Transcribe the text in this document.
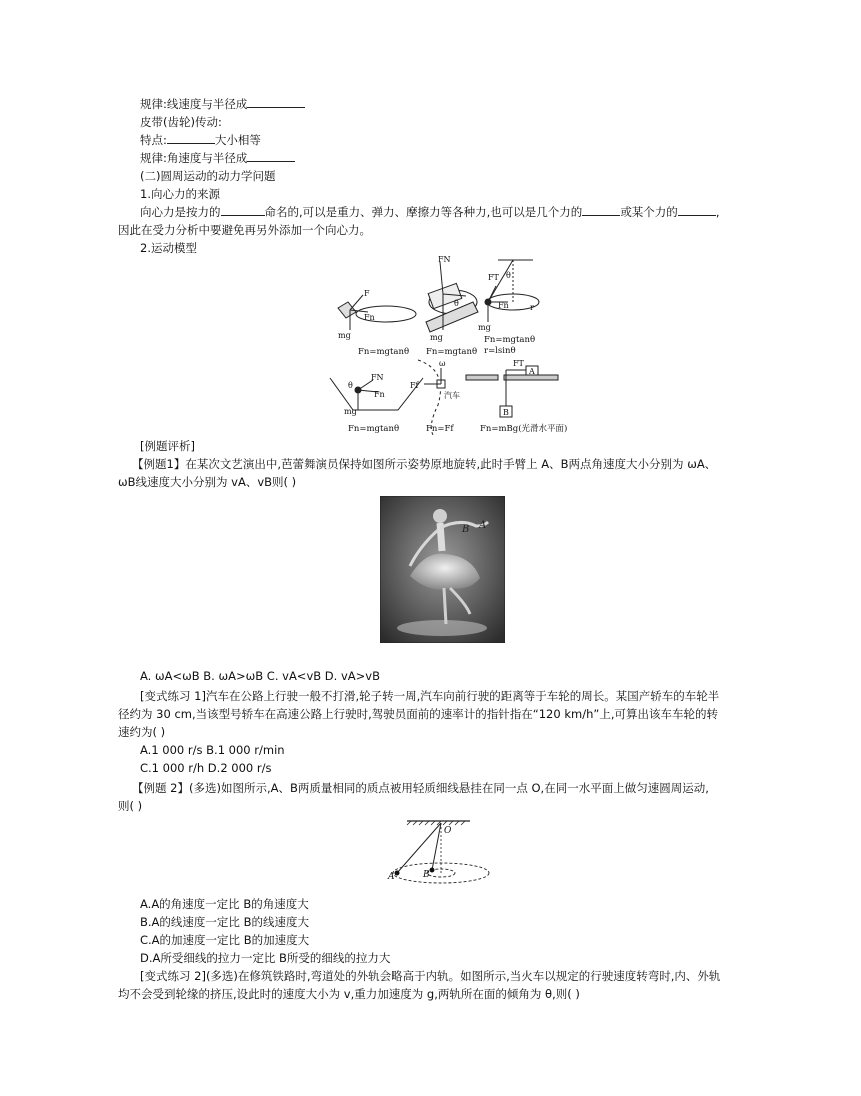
规律:线速度与半径成
皮带(齿轮)传动:
特点:	大小相等
规律:角速度与半径成
(二)圆周运动的动力学问题
1.向心力的来源
向心力是按力的	命名的,可以是重力、弹力、摩擦力等各种力,也可以是几个力的	或某个力的	,
因此在受力分析中要避免再另外添加一个向心力。
2.运动模型
F
Fn
mg
FN
θ
mg
FT θ
Fn	r
mg
FN
θ
Fn
mg
ω
Ff
汽车
FT
A
B
Fn=mgtanθ Fn=mgtanθ
Fn=mgtanθ
r=lsinθ
Fn=mgtanθ	Fn=Ff	Fn=mBg(光滑水平面)
[例题评析]
【例题1】在某次文艺演出中,芭蕾舞演员保持如图所示姿势原地旋转,此时手臂上 A、B两点角速度大小分别为 ωA、
ωB线速度大小分别为 vA、vB则( )
B A
A. ωA<ωB B. ωA>ωB C. vA<vB D. vA>vB
[变式练习 1]汽车在公路上行驶一般不打滑,轮子转一周,汽车向前行驶的距离等于车轮的周长。某国产轿车的车轮半
径约为 30 cm,当该型号轿车在高速公路上行驶时,驾驶员面前的速率计的指针指在“120 km/h”上,可算出该车车轮的转
速约为( )
A.1 000 r/s B.1 000 r/min
C.1 000 r/h D.2 000 r/s
【例题 2】(多选)如图所示,A、B两质量相同的质点被用轻质细线悬挂在同一点 O,在同一水平面上做匀速圆周运动,
则( )
O
A	B
A.A的角速度一定比 B的角速度大
B.A的线速度一定比 B的线速度大
C.A的加速度一定比 B的加速度大
D.A所受细线的拉力一定比 B所受的细线的拉力大
[变式练习 2](多选)在修筑铁路时,弯道处的外轨会略高于内轨。如图所示,当火车以规定的行驶速度转弯时,内、外轨
均不会受到轮缘的挤压,设此时的速度大小为 v,重力加速度为 g,两轨所在面的倾角为 θ,则( )
